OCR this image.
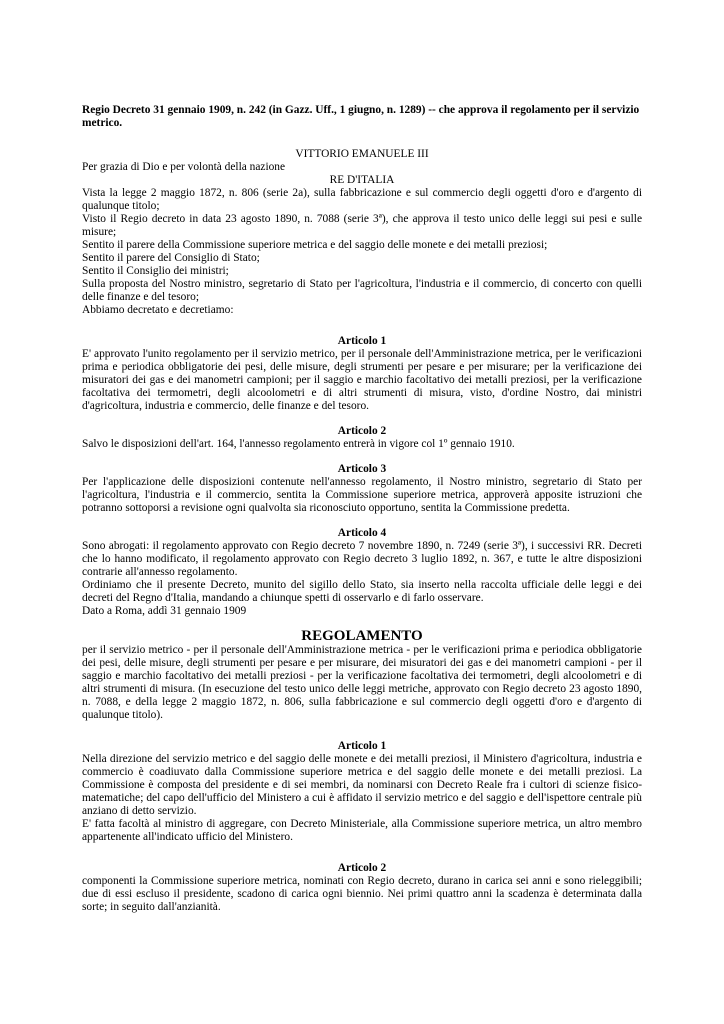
Regio Decreto 31 gennaio 1909, n. 242 (in Gazz. Uff., 1 giugno, n. 1289) -- che approva il regolamento per il servizio metrico.

VITTORIO EMANUELE III
Per grazia di Dio e per volontà della nazione
RE D'ITALIA

Vista la legge 2 maggio 1872, n. 806 (serie 2a), sulla fabbricazione e sul commercio degli oggetti d'oro e d'argento di qualunque titolo;

Visto il Regio decreto in data 23 agosto 1890, n. 7088 (serie 3ª), che approva il testo unico delle leggi sui pesi e sulle misure;

Sentito il parere della Commissione superiore metrica e del saggio delle monete e dei metalli preziosi;

Sentito il parere del Consiglio di Stato;

Sentito il Consiglio dei ministri;

Sulla proposta del Nostro ministro, segretario di Stato per l'agricoltura, l'industria e il commercio, di concerto con quelli delle finanze e del tesoro;

Abbiamo decretato e decretiamo:

Articolo 1

E' approvato l'unito regolamento per il servizio metrico, per il personale dell'Amministrazione metrica, per le verificazioni prima e periodica obbligatorie dei pesi, delle misure, degli strumenti per pesare e per misurare; per la verificazione dei misuratori dei gas e dei manometri campioni; per il saggio e marchio facoltativo dei metalli preziosi, per la verificazione facoltativa dei termometri, degli alcoolometri e di altri strumenti di misura, visto, d'ordine Nostro, dai ministri d'agricoltura, industria e commercio, delle finanze e del tesoro.

Articolo 2

Salvo le disposizioni dell'art. 164, l'annesso regolamento entrerà in vigore col 1º gennaio 1910.

Articolo 3

Per l'applicazione delle disposizioni contenute nell'annesso regolamento, il Nostro ministro, segretario di Stato per l'agricoltura, l'industria e il commercio, sentita la Commissione superiore metrica, approverà apposite istruzioni che potranno sottoporsi a revisione ogni qualvolta sia riconosciuto opportuno, sentita la Commissione predetta.

Articolo 4

Sono abrogati: il regolamento approvato con Regio decreto 7 novembre 1890, n. 7249 (serie 3ª), i successivi RR. Decreti che lo hanno modificato, il regolamento approvato con Regio decreto 3 luglio 1892, n. 367, e tutte le altre disposizioni contrarie all'annesso regolamento.

Ordiniamo che il presente Decreto, munito del sigillo dello Stato, sia inserto nella raccolta ufficiale delle leggi e dei decreti del Regno d'Italia, mandando a chiunque spetti di osservarlo e di farlo osservare.

Dato a Roma, addì 31 gennaio 1909

REGOLAMENTO

per il servizio metrico - per il personale dell'Amministrazione metrica - per le verificazioni prima e periodica obbligatorie dei pesi, delle misure, degli strumenti per pesare e per misurare, dei misuratori dei gas e dei manometri campioni - per il saggio e marchio facoltativo dei metalli preziosi - per la verificazione facoltativa dei termometri, degli alcoolometri e di altri strumenti di misura. (In esecuzione del testo unico delle leggi metriche, approvato con Regio decreto 23 agosto 1890, n. 7088, e della legge 2 maggio 1872, n. 806, sulla fabbricazione e sul commercio degli oggetti d'oro e d'argento di qualunque titolo).

Articolo 1

Nella direzione del servizio metrico e del saggio delle monete e dei metalli preziosi, il Ministero d'agricoltura, industria e commercio è coadiuvato dalla Commissione superiore metrica e del saggio delle monete e dei metalli preziosi. La Commissione è composta del presidente e di sei membri, da nominarsi con Decreto Reale fra i cultori di scienze fisico-matematiche; del capo dell'ufficio del Ministero a cui è affidato il servizio metrico e del saggio e dell'ispettore centrale più anziano di detto servizio.

E' fatta facoltà al ministro di aggregare, con Decreto Ministeriale, alla Commissione superiore metrica, un altro membro appartenente all'indicato ufficio del Ministero.

Articolo 2

componenti la Commissione superiore metrica, nominati con Regio decreto, durano in carica sei anni e sono rieleggibili; due di essi escluso il presidente, scadono di carica ogni biennio. Nei primi quattro anni la scadenza è determinata dalla sorte; in seguito dall'anzianità.
